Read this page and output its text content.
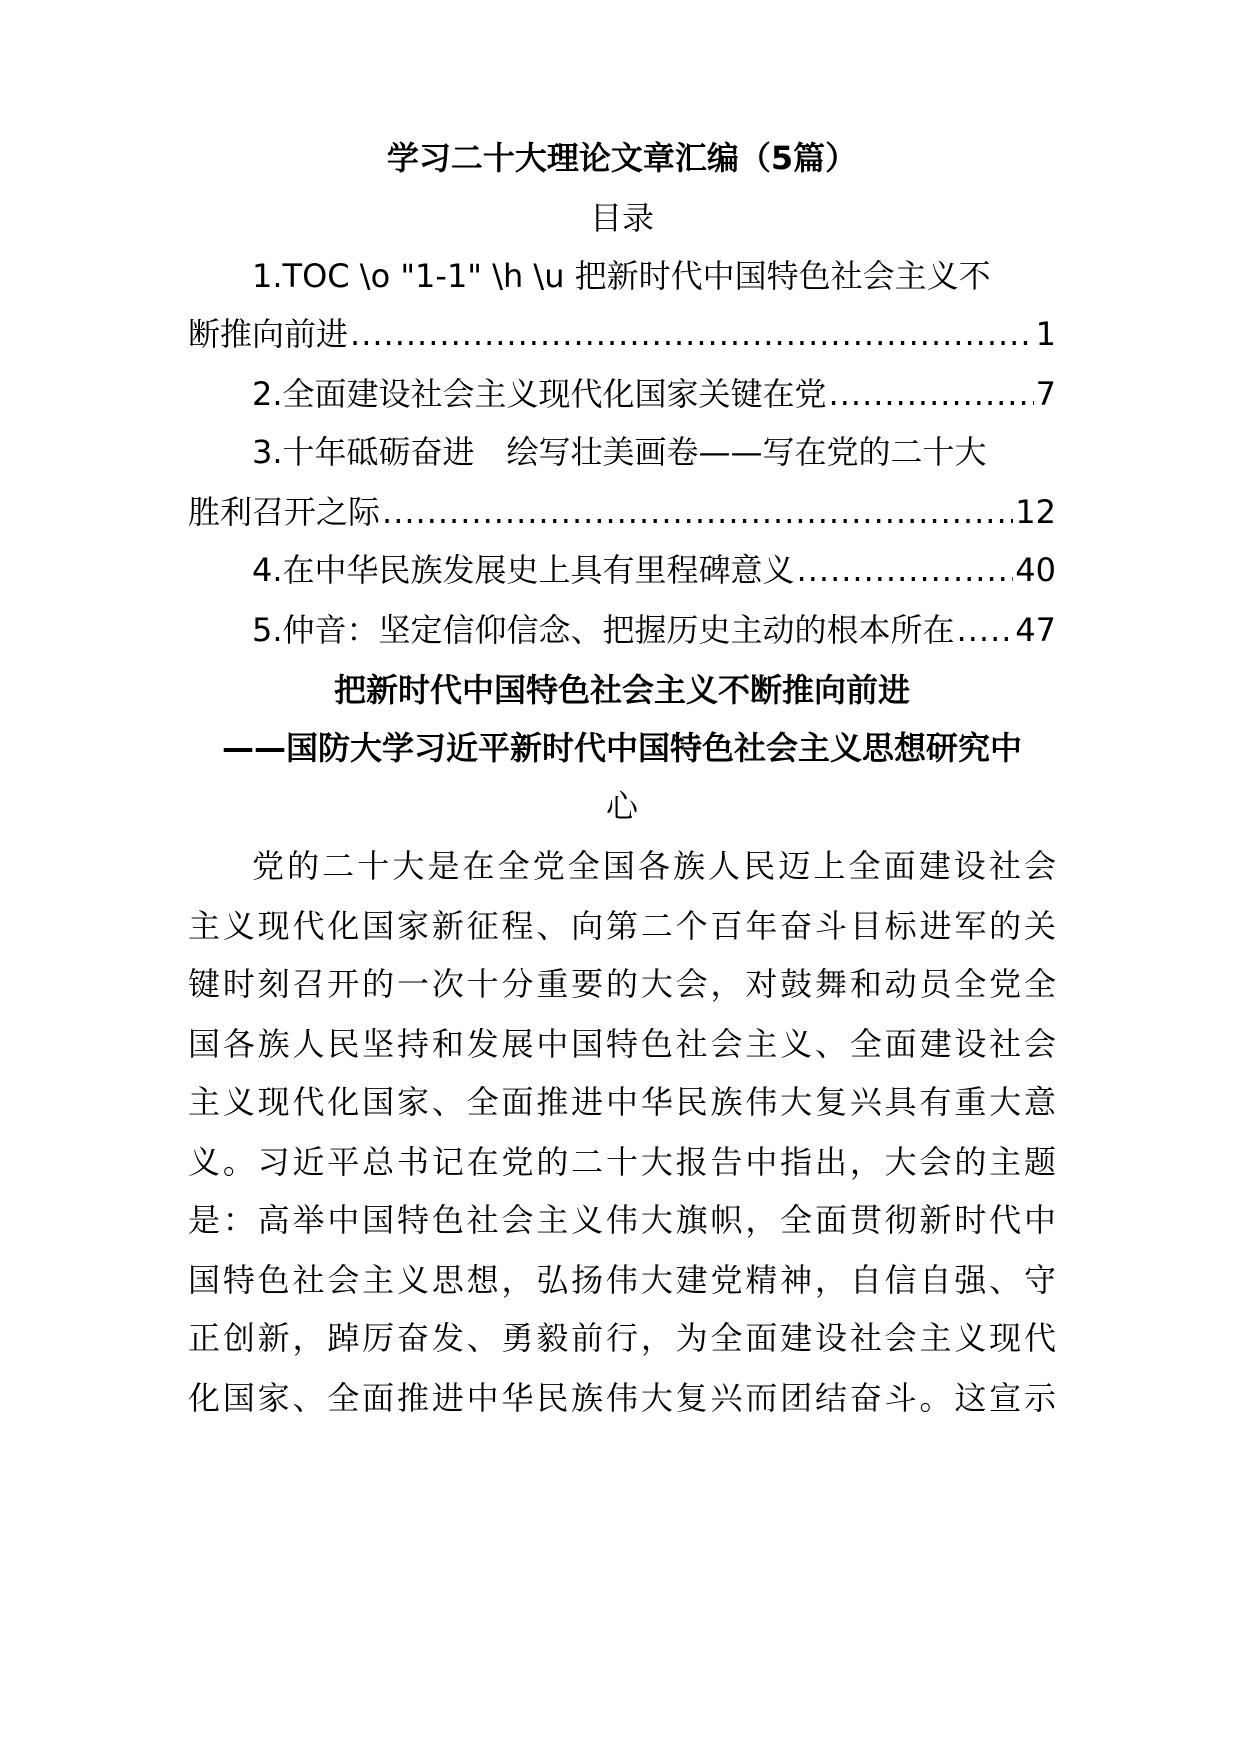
学习二十大理论文章汇编（5篇）
目录
1.TOC \o "1-1" \h \u 把新时代中国特色社会主义不
断推向前进 .....	1
2.全面建设社会主义现代化国家关键在党 .....	7
3.十年砥砺奋进　绘写壮美画卷——写在党的二十大
胜利召开之际 .....	12
4.在中华民族发展史上具有里程碑意义 .....	40
5.仲音：坚定信仰信念、把握历史主动的根本所在 ..... 47
把新时代中国特色社会主义不断推向前进
——国防大学习近平新时代中国特色社会主义思想研究中
心
党的二十大是在全党全国各族人民迈上全面建设社会
主义现代化国家新征程、向第二个百年奋斗目标进军的关
键时刻召开的一次十分重要的大会，对鼓舞和动员全党全
国各族人民坚持和发展中国特色社会主义、全面建设社会
主义现代化国家、全面推进中华民族伟大复兴具有重大意
义。习近平总书记在党的二十大报告中指出，大会的主题
是：高举中国特色社会主义伟大旗帜，全面贯彻新时代中
国特色社会主义思想，弘扬伟大建党精神，自信自强、守
正创新，踔厉奋发、勇毅前行，为全面建设社会主义现代
化国家、全面推进中华民族伟大复兴而团结奋斗。这宣示
